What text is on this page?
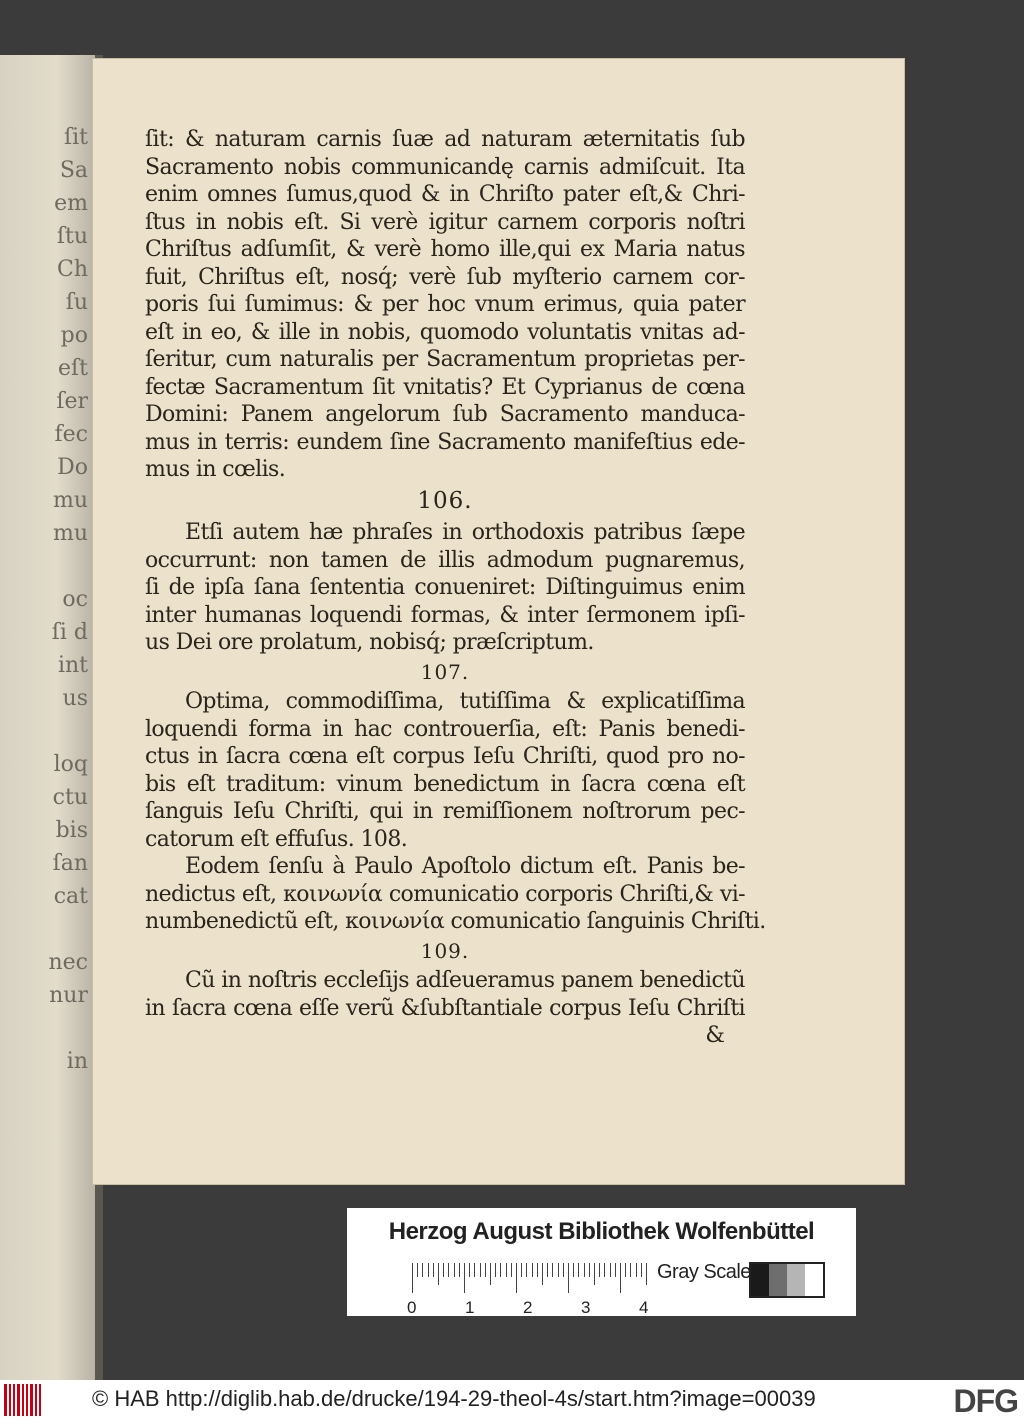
ſit
Sa
em
ſtu
Ch
ſu
po
eſt
ſer
fec
Do
mu
mu
oc
ſi d
int
us
loq
ctu
bis
ſan
cat
nec
nur
in
ſit: & naturam carnis ſuæ ad naturam æternitatis ſub
Sacramento nobis communicandę carnis admiſcuit. Ita
enim omnes ſumus,quod & in Chriſto pater eſt,& Chri-
ſtus in nobis eſt. Si verè igitur carnem corporis noſtri
Chriſtus adſumſit, & verè homo ille,qui ex Maria natus
fuit, Chriſtus eſt, nosq́; verè ſub myſterio carnem cor-
poris ſui ſumimus: & per hoc vnum erimus, quia pater
eſt in eo, & ille in nobis, quomodo voluntatis vnitas ad-
ſeritur, cum naturalis per Sacramentum proprietas per-
fectæ Sacramentum ſit vnitatis? Et Cyprianus de cœna
Domini: Panem angelorum ſub Sacramento manduca-
mus in terris: eundem ſine Sacramento manifeſtius ede-
mus in cœlis.
106.
Etſi autem hæ phraſes in orthodoxis patribus ſæpe
occurrunt: non tamen de illis admodum pugnaremus,
ſi de ipſa ſana ſententia conueniret: Diſtinguimus enim
inter humanas loquendi formas, & inter ſermonem ipſi-
us Dei ore prolatum, nobisq́; præſcriptum.
107.
Optima, commodiſſima, tutiſſima & explicatiſſima
loquendi forma in hac controuerſia, eſt: Panis benedi-
ctus in ſacra cœna eſt corpus Ieſu Chriſti, quod pro no-
bis eſt traditum: vinum benedictum in ſacra cœna eſt
ſanguis Ieſu Chriſti, qui in remiſſionem noſtrorum pec-
catorum eſt effuſus. 108.
Eodem ſenſu à Paulo Apoſtolo dictum eſt. Panis be-
nedictus eſt, κοινωνία comunicatio corporis Chriſti,& vi-
numbenedictũ eſt, κοινωνία comunicatio ſanguinis Chriſti.
109.
Cũ in noſtris eccleſijs adſeueramus panem benedictũ
in ſacra cœna eſſe verũ &ſubſtantiale corpus Ieſu Chriſti
&
Herzog August Bibliothek Wolfenbüttel
Gray Scale
0	1	2	3	4
© HAB http://diglib.hab.de/drucke/194-29-theol-4s/start.htm?image=00039	DFG
